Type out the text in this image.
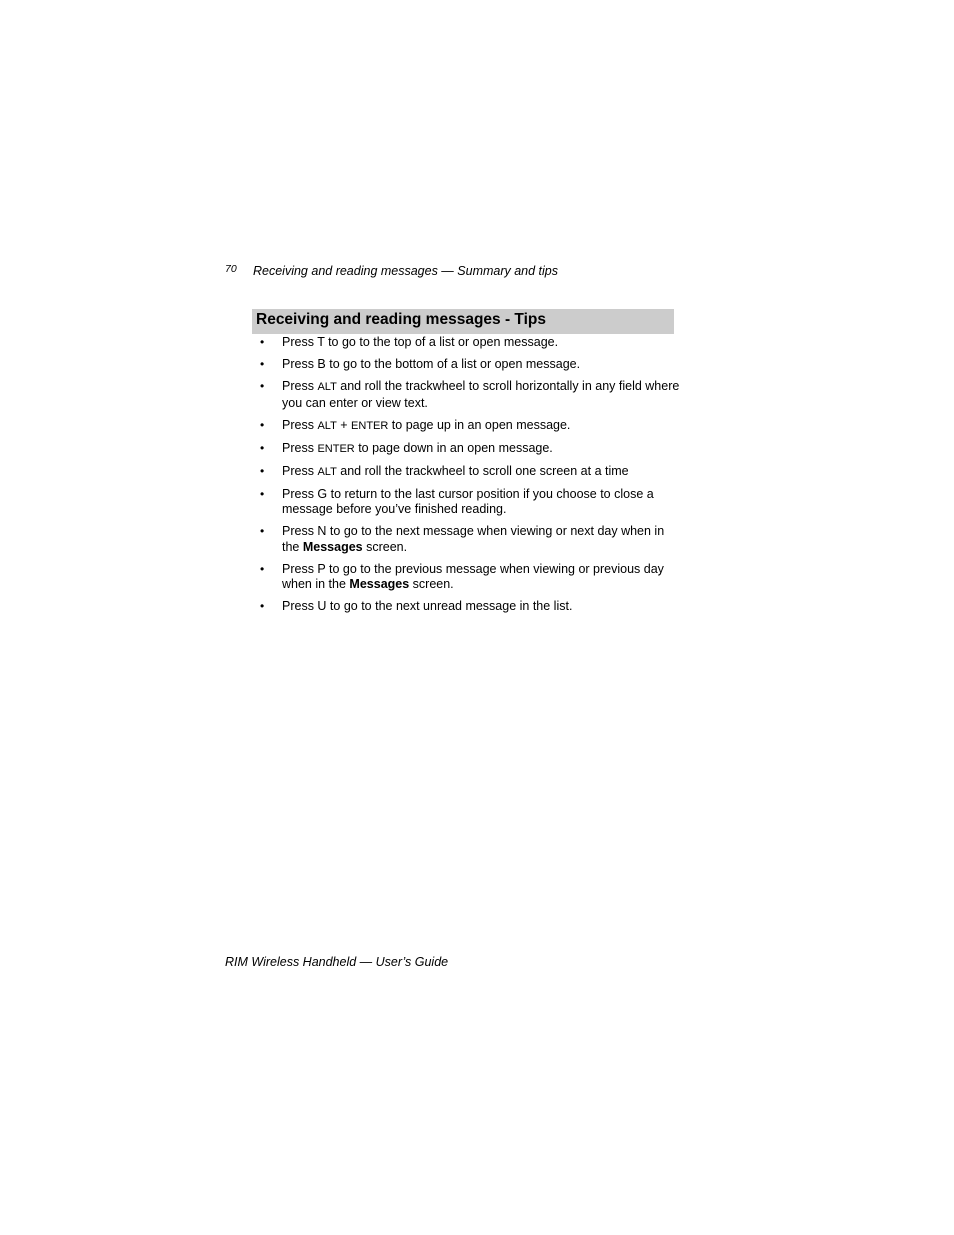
70 Receiving and reading messages — Summary and tips
Receiving and reading messages - Tips
• Press T to go to the top of a list or open message.
• Press B to go to the bottom of a list or open message.
• Press ALT and roll the trackwheel to scroll horizontally in any field where you can enter or view text.
• Press ALT + ENTER to page up in an open message.
• Press ENTER to page down in an open message.
• Press ALT and roll the trackwheel to scroll one screen at a time
• Press G to return to the last cursor position if you choose to close a message before you’ve finished reading.
• Press N to go to the next message when viewing or next day when in the Messages screen.
• Press P to go to the previous message when viewing or previous day when in the Messages screen.
• Press U to go to the next unread message in the list.
RIM Wireless Handheld — User’s Guide
